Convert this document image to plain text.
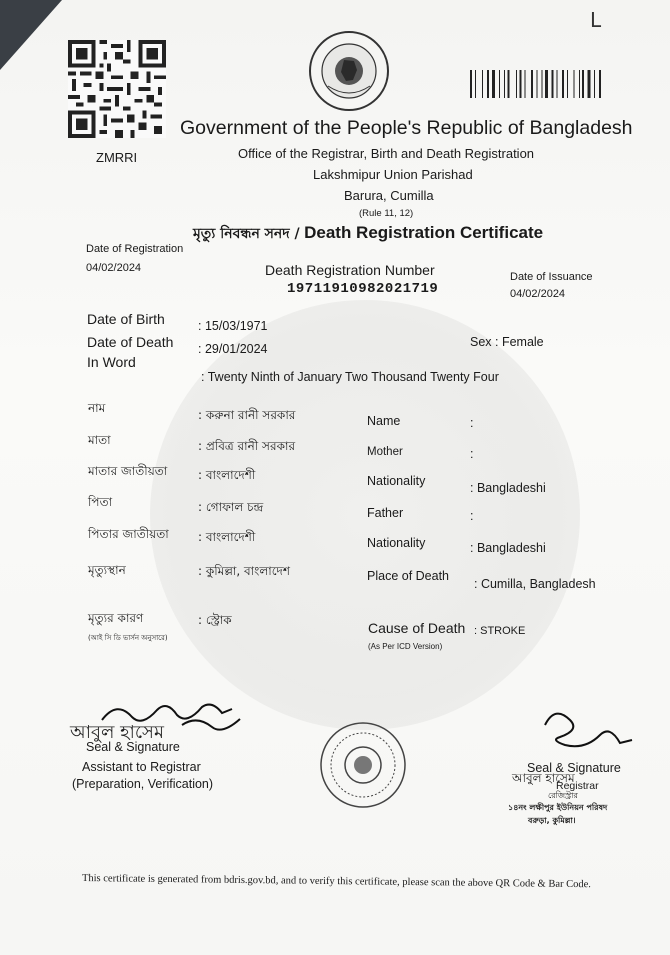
L
ZMRRI
Government of the People's Republic of Bangladesh
Office of the Registrar, Birth and Death Registration
Lakshmipur Union Parishad
Barura, Cumilla
(Rule 11, 12)
মৃত্যু নিবন্ধন সনদ / Death Registration Certificate
Date of Registration
04/02/2024	Death Registration Number
19711910982021719
Date of Issuance
04/02/2024
Date of Birth	: 15/03/1971
Date of Death : 29/01/2024
In Word
: Twenty Ninth of January Two Thousand Twenty Four
Sex : Female
নাম	: করুনা রানী সরকার
মাতা	: প্রবিত্র রানী সরকার
মাতার জাতীয়তা	: বাংলাদেশী
পিতা	: গোফাল চন্দ্র
পিতার জাতীয়তা : বাংলাদেশী
মৃত্যুস্থান	: কুমিল্লা, বাংলাদেশ
মৃত্যুর কারণ	: স্ট্রোক
(আই সি ডি ভার্সন অনুসারে)
Name	:
Mother	:
Nationality	: Bangladeshi
Father	:
Nationality	: Bangladeshi
Place of Death
: Cumilla, Bangladesh
Cause of Death : STROKE
(As Per ICD Version)
আবুল হাসেম
Seal & Signature
Assistant to Registrar
(Preparation, Verification)
Seal & Signature
আবুল হাসেম
Registrar
রেজিস্ট্রার
১৪নং লক্ষীপুর ইউনিয়ন পরিষদ
বরুড়া, কুমিল্লা।
This certificate is generated from bdris.gov.bd, and to verify this certificate, please scan the above QR Code & Bar Code.
